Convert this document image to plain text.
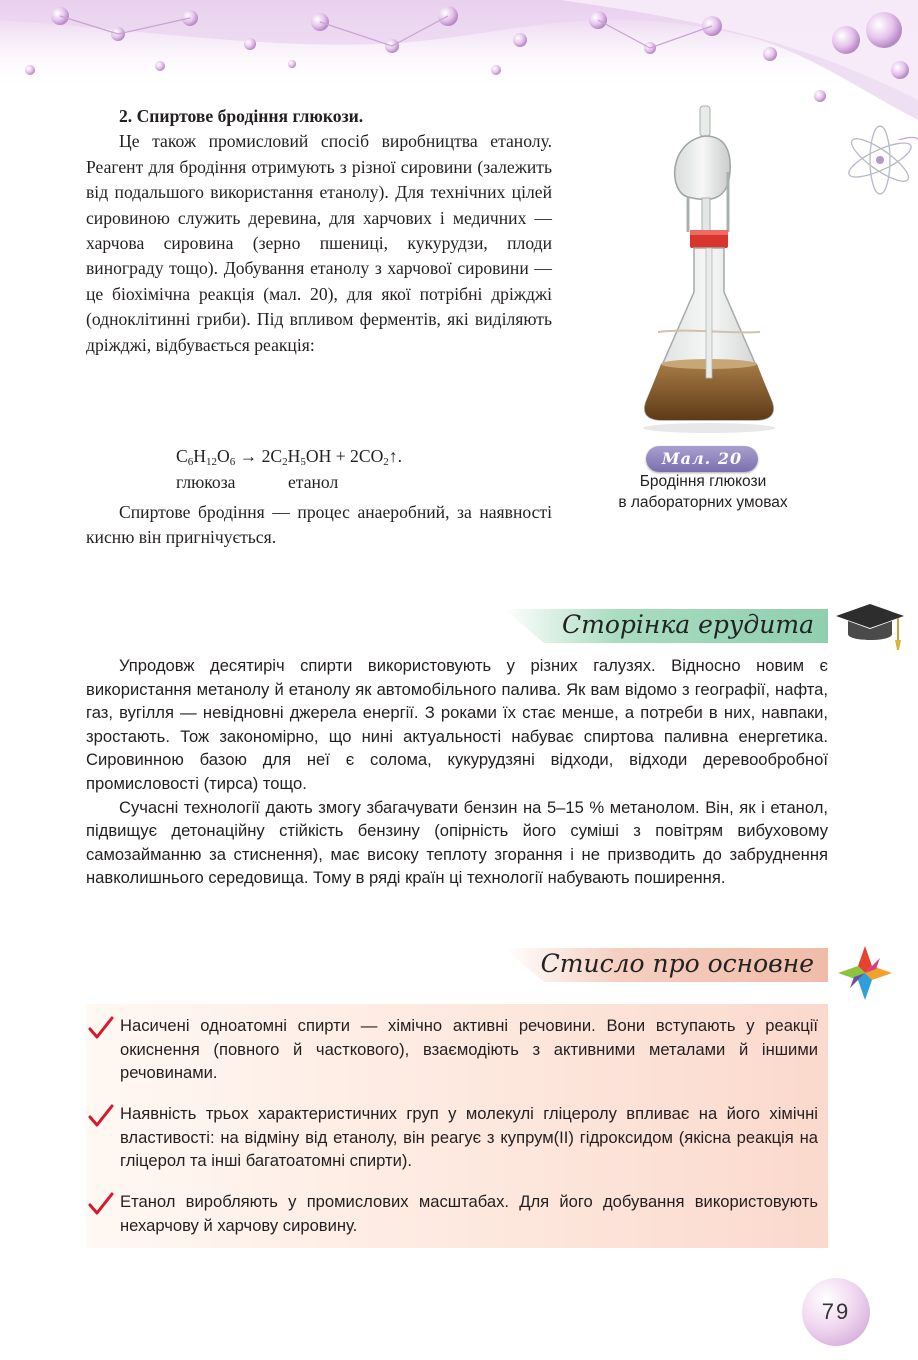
2. Спиртове бродіння глюкози.

Це також промисловий спосіб виробництва етанолу. Реагент для бродіння отримують з різної сировини (залежить від подальшого використання етанолу). Для технічних цілей сировиною служить деревина, для харчових і медичних — харчова сировина (зерно пшениці, кукурудзи, плоди винограду тощо). Добування етанолу з харчової сировини — це біохімічна реакція (мал. 20), для якої потрібні дріжджі (одноклітинні гриби). Під впливом ферментів, які виділяють дріжджі, відбувається реакція:

$C_6H_{12}O_6 \to 2C_2H_5OH$ + $2CO_2↑$.
глюкоза	етанол

Спиртове бродіння — процес анаеробний, за наявності кисню він пригнічується.

Мал. 20
Бродіння глюкози
в лабораторних умовах
Сторінка ерудита

Упродовж десятиріч спирти використовують у різних галузях. Відносно новим є використання метанолу й етанолу як автомобільного палива. Як вам відомо з географії, нафта, газ, вугілля — невідновні джерела енергії. З роками їх стає менше, а потреби в них, навпаки, зростають. Тож закономірно, що нині актуальності набуває спиртова паливна енергетика. Сировинною базою для неї є солома, кукурудзяні відходи, відходи деревообробної промисловості (тирса) тощо.

Сучасні технології дають змогу збагачувати бензин на 5–15 % метанолом. Він, як і етанол, підвищує детонаційну стійкість бензину (опірність його суміші з повітрям вибуховому самозайманню за стиснення), має високу теплоту згорання і не призводить до забруднення навколишнього середовища. Тому в ряді країн ці технології набувають поширення.

Стисло про основне
Насичені одноатомні спирти — хімічно активні речовини. Вони вступають у реакції окиснення (повного й часткового), взаємодіють з активними металами й іншими речовинами.
Наявність трьох характеристичних груп у молекулі гліцеролу впливає на його хімічні властивості: на відміну від етанолу, він реагує з купрум(ІІ) гідроксидом (якісна реакція на гліцерол та інші багатоатомні спирти).
Етанол виробляють у промислових масштабах. Для його добування використовують нехарчову й харчову сировину.
79
